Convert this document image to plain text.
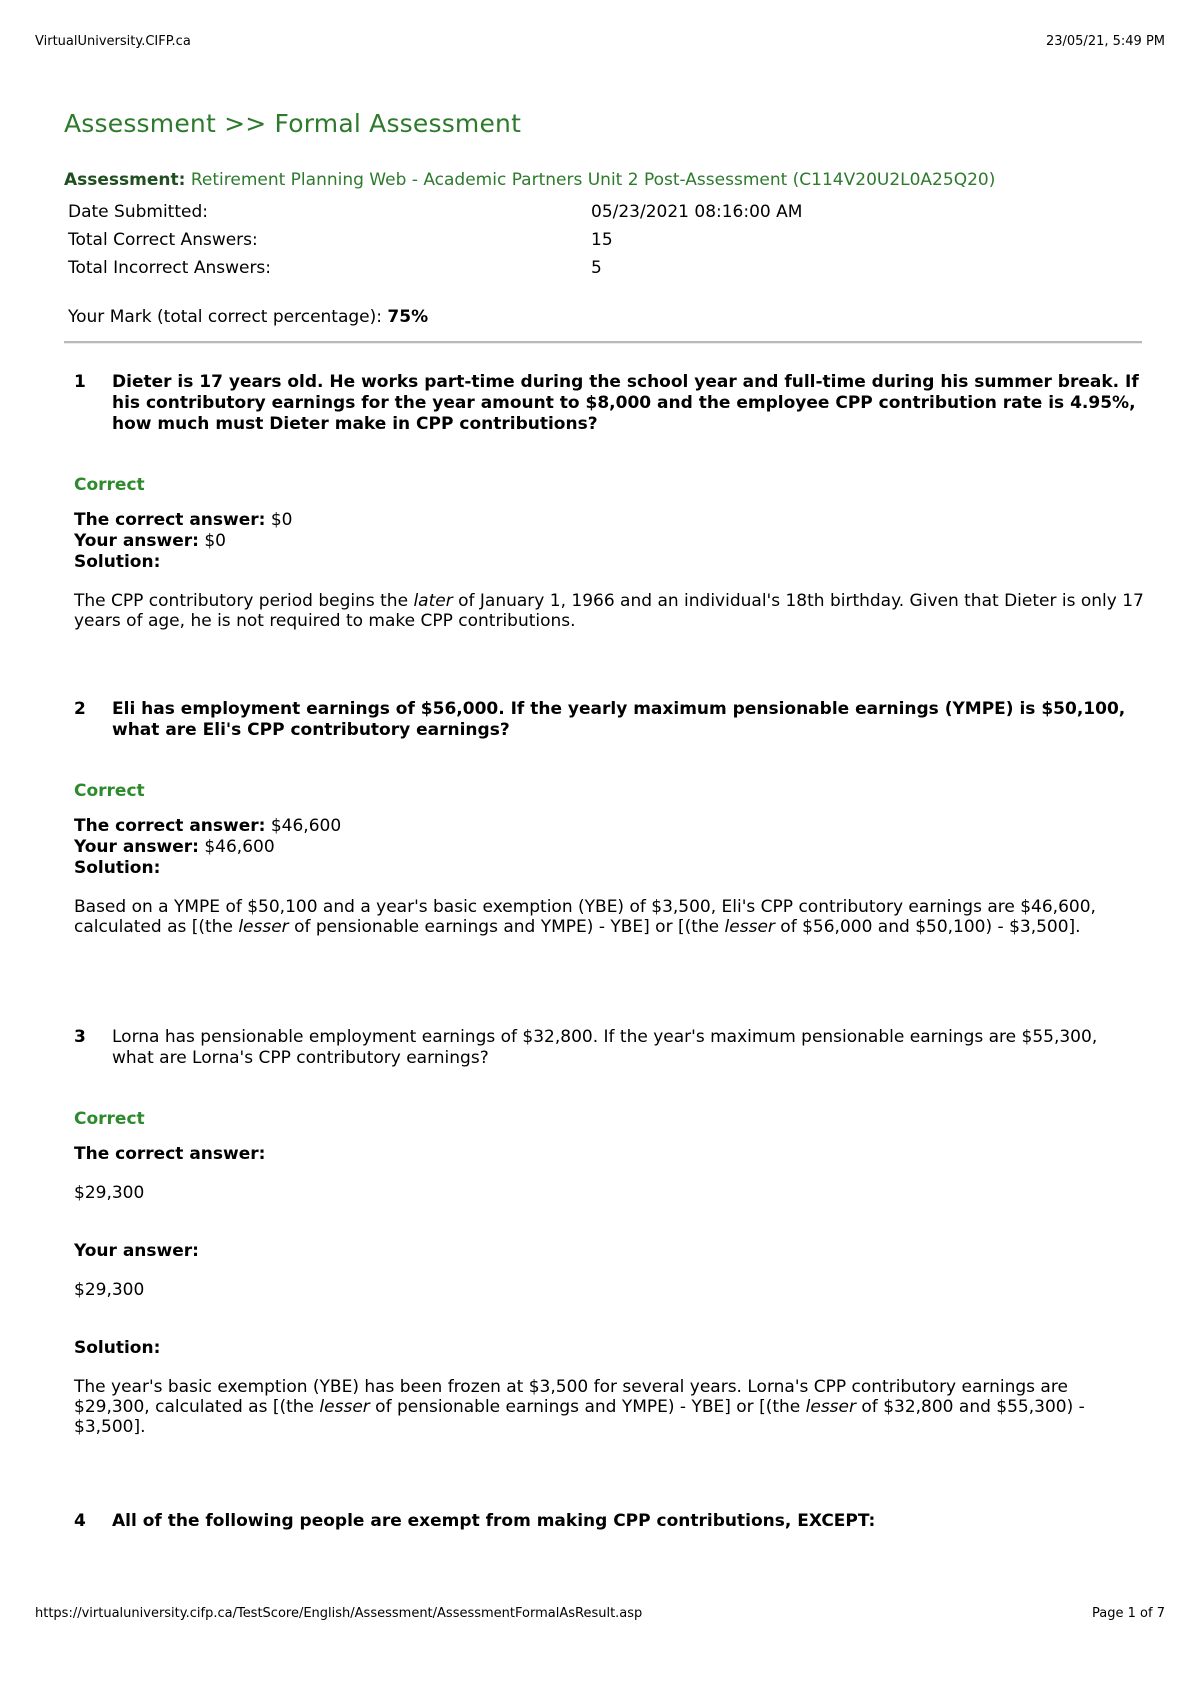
VirtualUniversity.CIFP.ca	23/05/21, 5:49 PM
Assessment >> Formal Assessment
Assessment: Retirement Planning Web - Academic Partners Unit 2 Post-Assessment (C114V20U2L0A25Q20)
Date Submitted:	05/23/2021 08:16:00 AM
Total Correct Answers:	15
Total Incorrect Answers:	5
Your Mark (total correct percentage): 75%
1	Dieter is 17 years old. He works part-time during the school year and full-time during his summer break. If his contributory earnings for the year amount to $8,000 and the employee CPP contribution rate is 4.95%, how much must Dieter make in CPP contributions?
Correct
The correct answer: $0
Your answer: $0
Solution:
The CPP contributory period begins the later of January 1, 1966 and an individual's 18th birthday. Given that Dieter is only 17 years of age, he is not required to make CPP contributions.
2	Eli has employment earnings of $56,000. If the yearly maximum pensionable earnings (YMPE) is $50,100, what are Eli's CPP contributory earnings?
Correct
The correct answer: $46,600
Your answer: $46,600
Solution:
Based on a YMPE of $50,100 and a year's basic exemption (YBE) of $3,500, Eli's CPP contributory earnings are $46,600, calculated as [(the lesser of pensionable earnings and YMPE) - YBE] or [(the lesser of $56,000 and $50,100) - $3,500].
3	Lorna has pensionable employment earnings of $32,800. If the year's maximum pensionable earnings are $55,300, what are Lorna's CPP contributory earnings?
Correct
The correct answer:
$29,300
Your answer:
$29,300
Solution:
The year's basic exemption (YBE) has been frozen at $3,500 for several years. Lorna's CPP contributory earnings are $29,300, calculated as [(the lesser of pensionable earnings and YMPE) - YBE] or [(the lesser of $32,800 and $55,300) - $3,500].
4	All of the following people are exempt from making CPP contributions, EXCEPT:
https://virtualuniversity.cifp.ca/TestScore/English/Assessment/AssessmentFormalAsResult.asp	Page 1 of 7
